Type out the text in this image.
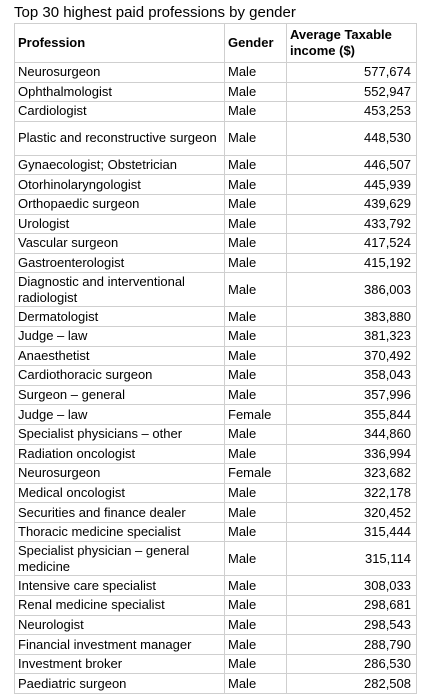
Top 30 highest paid professions by gender
Profession	Gender	Average Taxable income ($)
Neurosurgeon	Male	577,674
Ophthalmologist	Male	552,947
Cardiologist	Male	453,253
Plastic and reconstructive surgeon	Male	448,530
Gynaecologist; Obstetrician	Male	446,507
Otorhinolaryngologist	Male	445,939
Orthopaedic surgeon	Male	439,629
Urologist	Male	433,792
Vascular surgeon	Male	417,524
Gastroenterologist	Male	415,192
Diagnostic and interventional radiologist	Male	386,003
Dermatologist	Male	383,880
Judge – law	Male	381,323
Anaesthetist	Male	370,492
Cardiothoracic surgeon	Male	358,043
Surgeon – general	Male	357,996
Judge – law	Female	355,844
Specialist physicians – other	Male	344,860
Radiation oncologist	Male	336,994
Neurosurgeon	Female	323,682
Medical oncologist	Male	322,178
Securities and finance dealer	Male	320,452
Thoracic medicine specialist	Male	315,444
Specialist physician – general medicine	Male	315,114
Intensive care specialist	Male	308,033
Renal medicine specialist	Male	298,681
Neurologist	Male	298,543
Financial investment manager	Male	288,790
Investment broker	Male	286,530
Paediatric surgeon	Male	282,508
